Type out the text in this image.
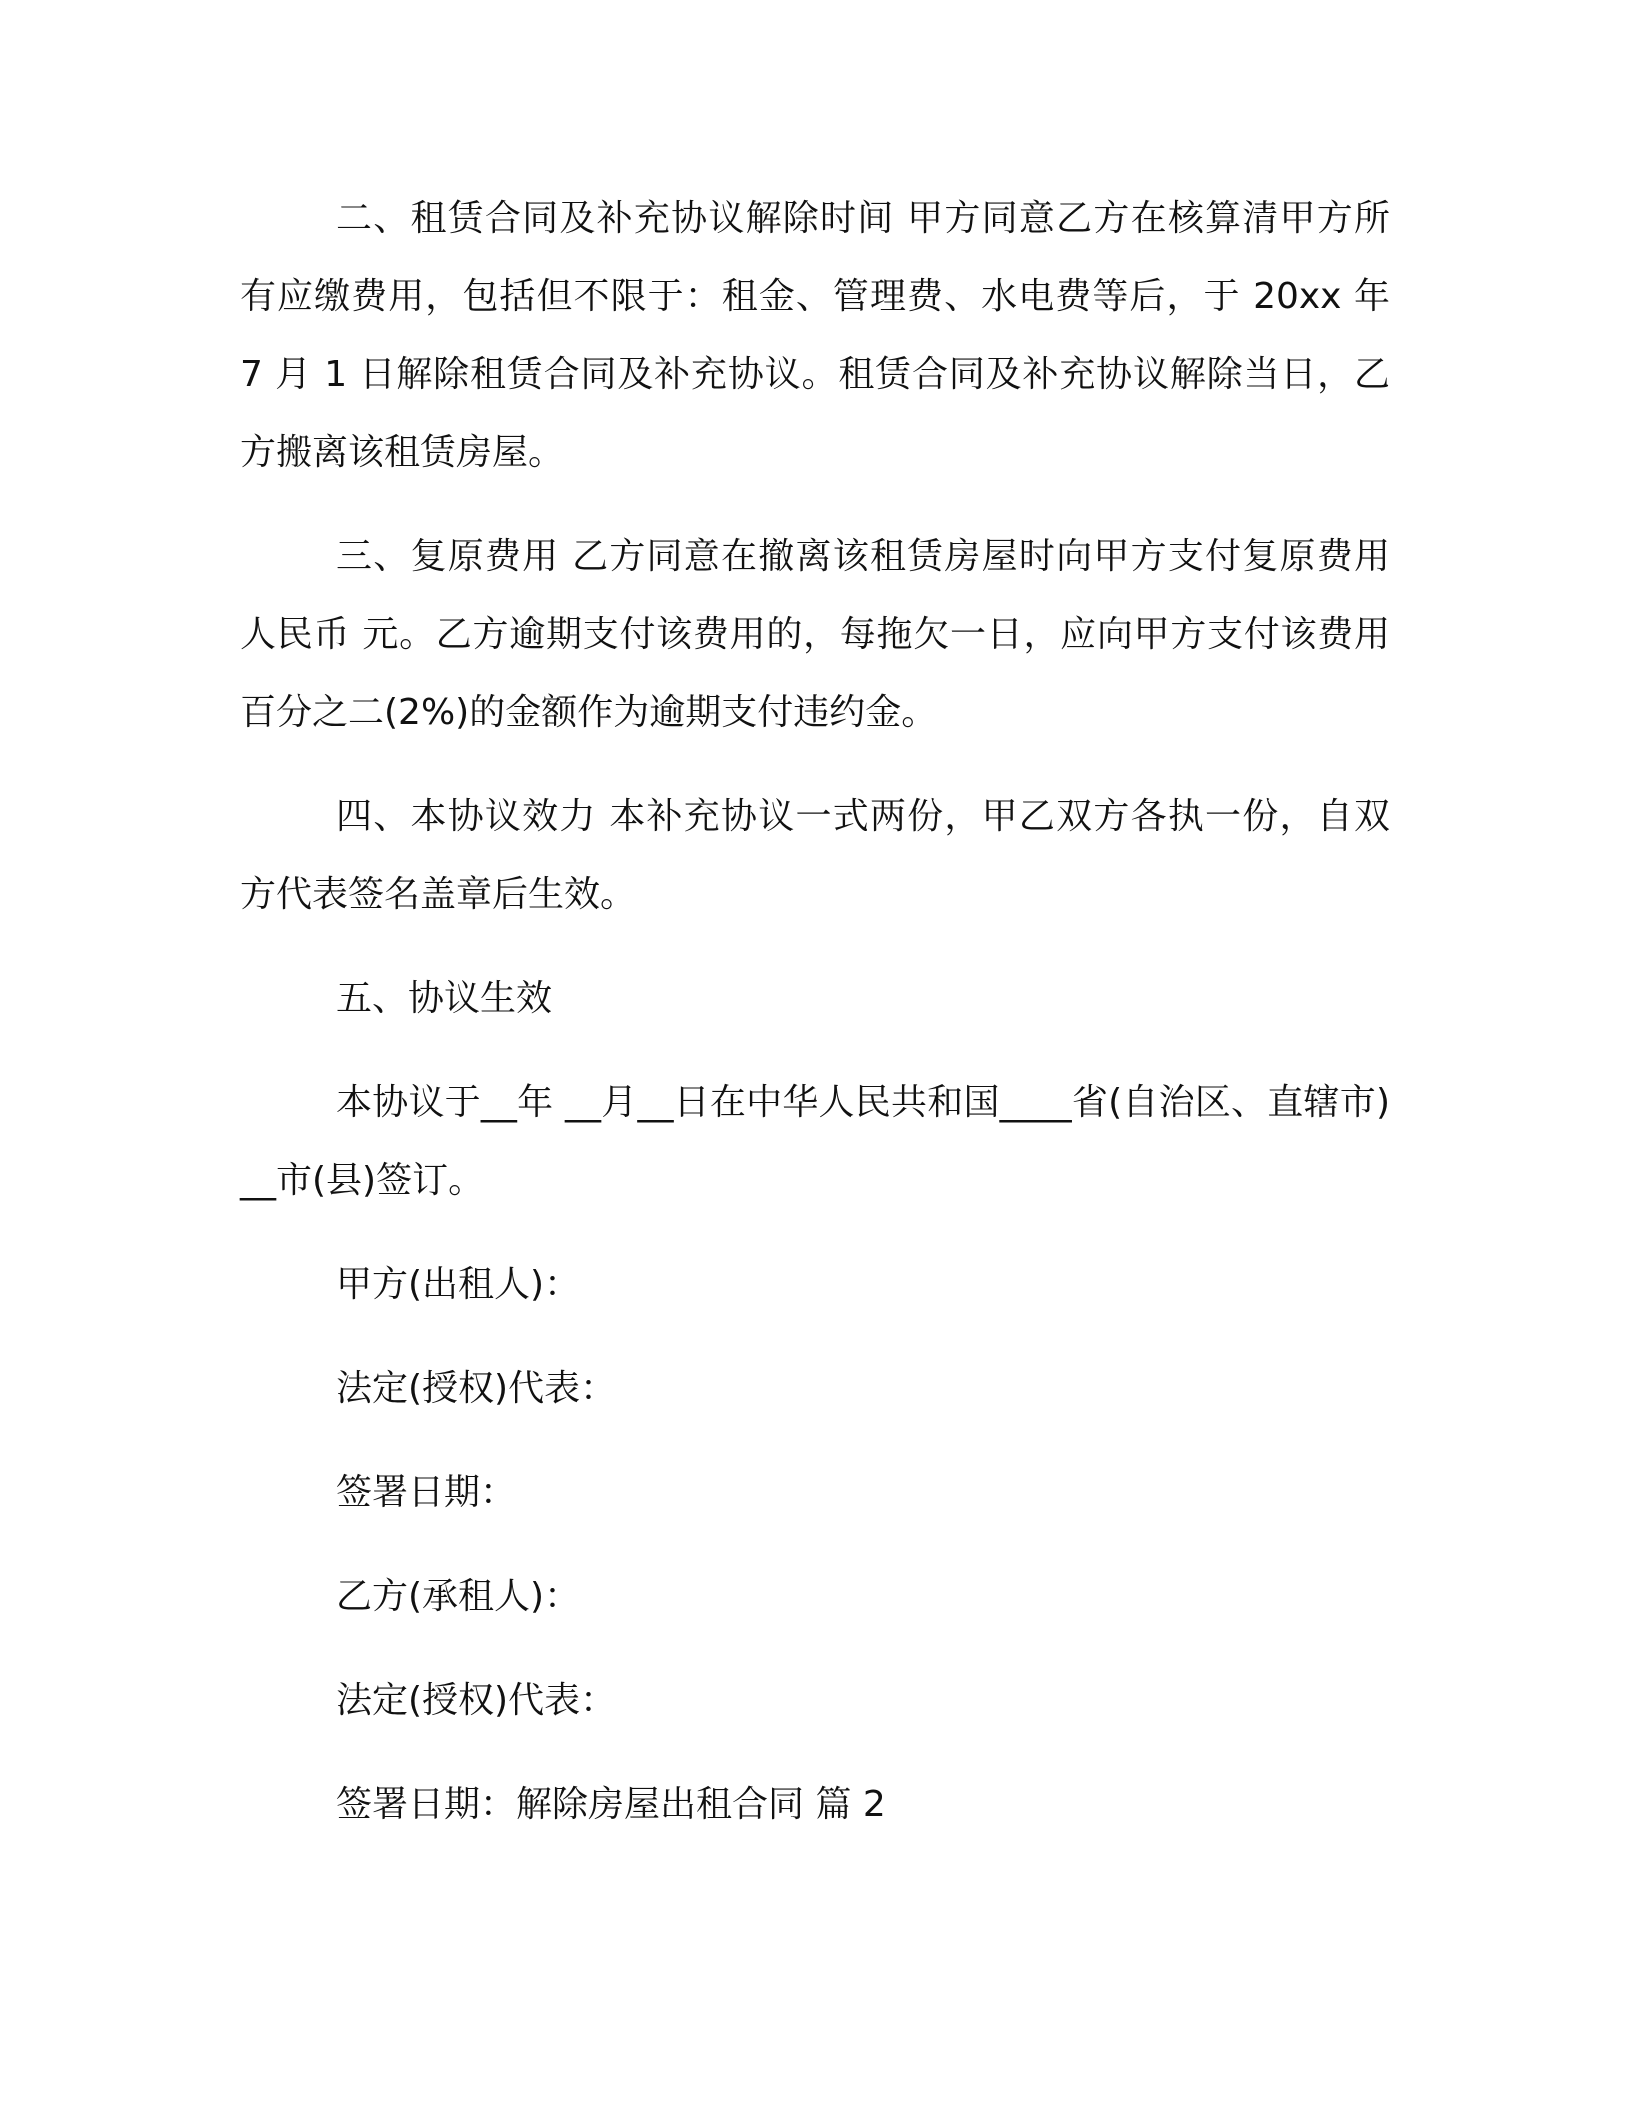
二、租赁合同及补充协议解除时间 甲方同意乙方在核算清甲方所有应缴费用，包括但不限于：租金、管理费、水电费等后，于 20xx 年 7 月 1 日解除租赁合同及补充协议。租赁合同及补充协议解除当日，乙方搬离该租赁房屋。

三、复原费用 乙方同意在撤离该租赁房屋时向甲方支付复原费用人民币 元。乙方逾期支付该费用的，每拖欠一日，应向甲方支付该费用百分之二(2%)的金额作为逾期支付违约金。

四、本协议效力 本补充协议一式两份，甲乙双方各执一份，自双方代表签名盖章后生效。

五、协议生效

本协议于__年 __月__日在中华人民共和国____省(自治区、直辖市)__市(县)签订。

甲方(出租人)：

法定(授权)代表：

签署日期：

乙方(承租人)：

法定(授权)代表：

签署日期：解除房屋出租合同 篇 2
